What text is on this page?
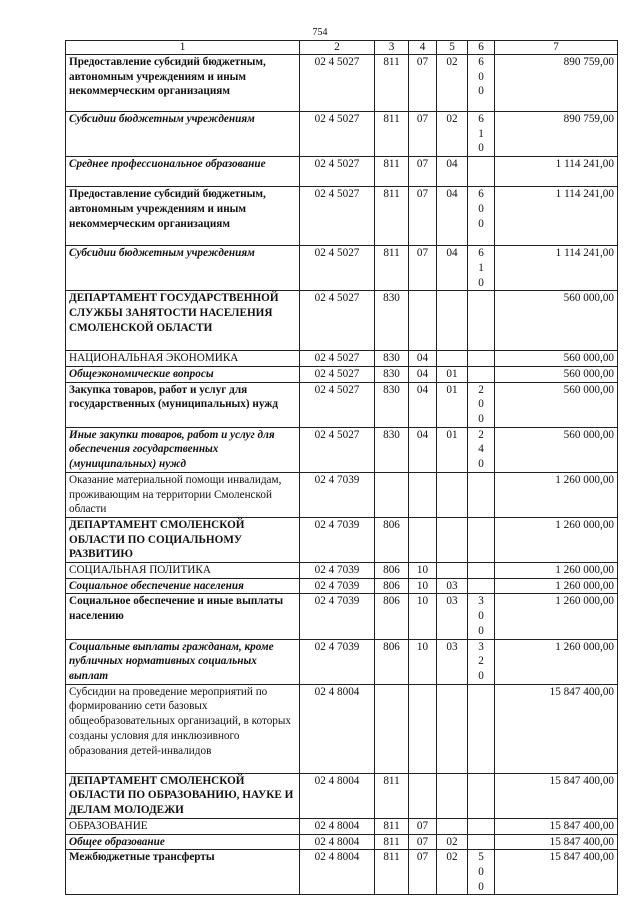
754
1	2	3	4	5	6	7
Предоставление субсидий бюджетным, автономным учреждениям и иным некоммерческим организациям	02 4 5027	811	07	02	600	890 759,00
Субсидии бюджетным учреждениям	02 4 5027	811	07	02	610	890 759,00
Среднее профессиональное образование	02 4 5027	811	07	04		1 114 241,00
Предоставление субсидий бюджетным, автономным учреждениям и иным некоммерческим организациям	02 4 5027	811	07	04	600	1 114 241,00
Субсидии бюджетным учреждениям	02 4 5027	811	07	04	610	1 114 241,00
ДЕПАРТАМЕНТ ГОСУДАРСТВЕННОЙ СЛУЖБЫ ЗАНЯТОСТИ НАСЕЛЕНИЯ СМОЛЕНСКОЙ ОБЛАСТИ	02 4 5027	830				560 000,00
НАЦИОНАЛЬНАЯ ЭКОНОМИКА	02 4 5027	830	04			560 000,00
Общеэкономические вопросы	02 4 5027	830	04	01		560 000,00
Закупка товаров, работ и услуг для государственных (муниципальных) нужд	02 4 5027	830	04	01	200	560 000,00
Иные закупки товаров, работ и услуг для обеспечения государственных (муниципальных) нужд	02 4 5027	830	04	01	240	560 000,00
Оказание материальной помощи инвалидам, проживающим на территории Смоленской области	02 4 7039					1 260 000,00
ДЕПАРТАМЕНТ СМОЛЕНСКОЙ ОБЛАСТИ ПО СОЦИАЛЬНОМУ РАЗВИТИЮ	02 4 7039	806				1 260 000,00
СОЦИАЛЬНАЯ ПОЛИТИКА	02 4 7039	806	10			1 260 000,00
Социальное обеспечение населения	02 4 7039	806	10	03		1 260 000,00
Социальное обеспечение и иные выплаты населению	02 4 7039	806	10	03	300	1 260 000,00
Социальные выплаты гражданам, кроме публичных нормативных социальных выплат	02 4 7039	806	10	03	320	1 260 000,00
Субсидии на проведение мероприятий по формированию сети базовых общеобразовательных организаций, в которых созданы условия для инклюзивного образования детей-инвалидов	02 4 8004					15 847 400,00
ДЕПАРТАМЕНТ СМОЛЕНСКОЙ ОБЛАСТИ ПО ОБРАЗОВАНИЮ, НАУКЕ И ДЕЛАМ МОЛОДЕЖИ	02 4 8004	811				15 847 400,00
ОБРАЗОВАНИЕ	02 4 8004	811	07			15 847 400,00
Общее образование	02 4 8004	811	07	02		15 847 400,00
Межбюджетные трансферты	02 4 8004	811	07	02	500	15 847 400,00
